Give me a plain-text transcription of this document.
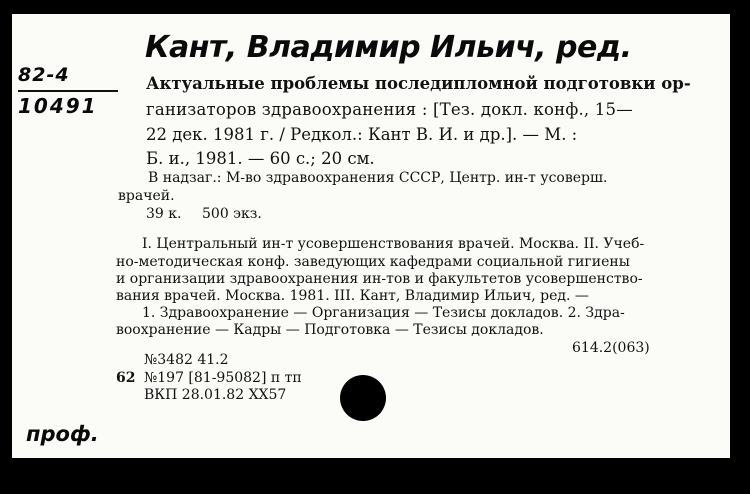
Кант, Владимир Ильич, ред.
82-4
10491
Актуальные проблемы последипломной подготовки ор-
ганизаторов здравоохранения : [Тез. докл. конф., 15—
22 дек. 1981 г. / Редкол.: Кант В. И. и др.]. — М. :
Б. и., 1981. — 60 с.; 20 см.
В надзаг.: М-во здравоохранения СССР, Центр. ин-т усоверш.
врачей.
39 к. 500 экз.
I. Центральный ин-т усовершенствования врачей. Москва. II. Учеб-
но-методическая конф. заведующих кафедрами социальной гигиены
и организации здравоохранения ин-тов и факультетов усовершенство-
вания врачей. Москва. 1981. III. Кант, Владимир Ильич, ред. —
1. Здравоохранение — Организация — Тезисы докладов. 2. Здра-
воохранение — Кадры — Подготовка — Тезисы докладов.
614.2(063)
№3482 41.2
62 №197 [81-95082] п тп
ВКП 28.01.82 ХХ57
проф.
